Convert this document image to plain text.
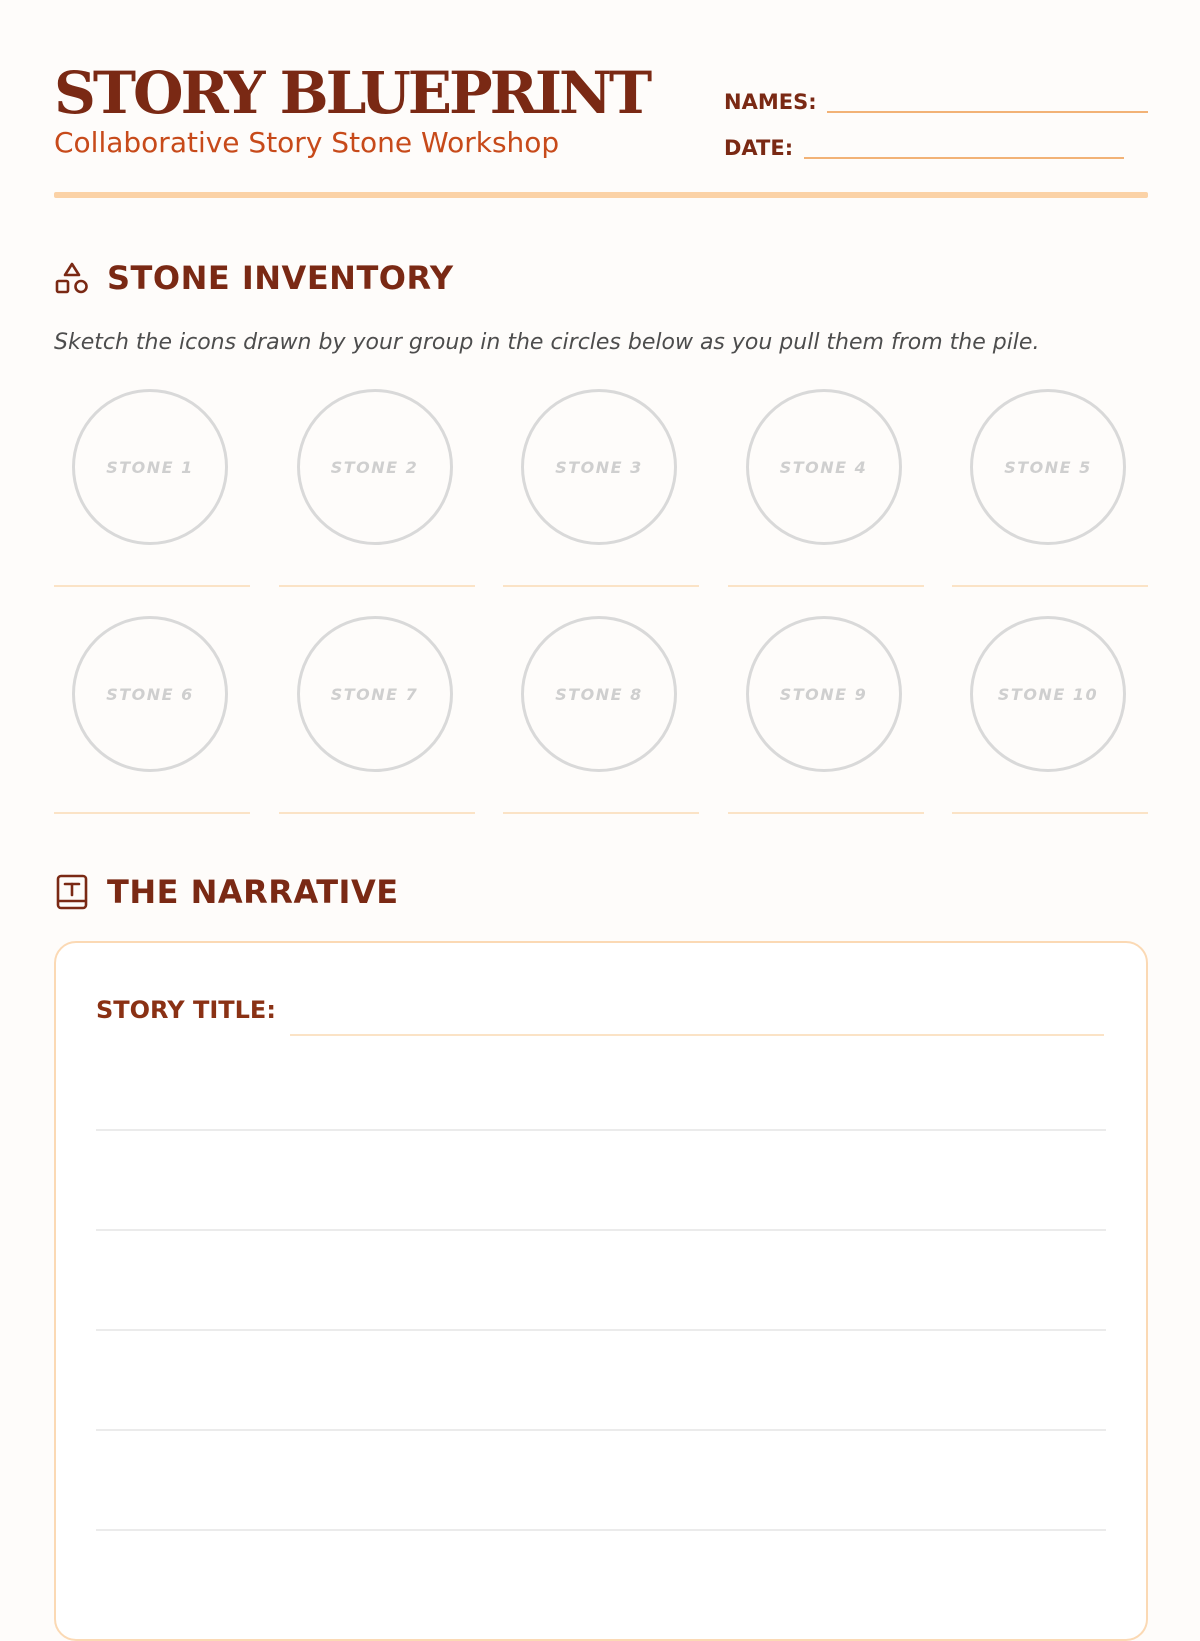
STORY BLUEPRINT
Collaborative Story Stone Workshop
NAMES:
DATE:
STONE INVENTORY
Sketch the icons drawn by your group in the circles below as you pull them from the pile.
STONE 1	STONE 2	STONE 3	STONE 4	STONE 5
STONE 6	STONE 7	STONE 8	STONE 9	STONE 10
THE NARRATIVE
STORY TITLE:
